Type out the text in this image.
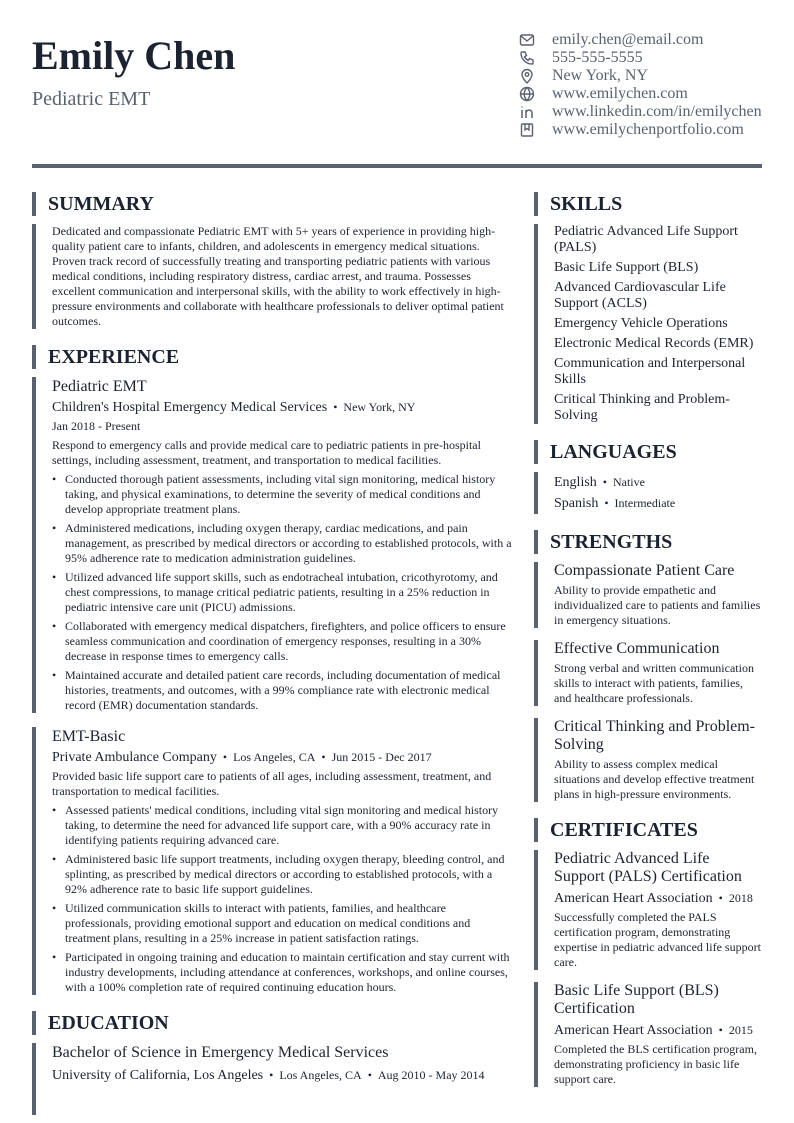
Emily Chen
Pediatric EMT
emily.chen@email.com
555-555-5555
New York, NY
www.emilychen.com
www.linkedin.com/in/emilychen
www.emilychenportfolio.com
SUMMARY
Dedicated and compassionate Pediatric EMT with 5+ years of experience in providing high-quality patient care to infants, children, and adolescents in emergency medical situations. Proven track record of successfully treating and transporting pediatric patients with various medical conditions, including respiratory distress, cardiac arrest, and trauma. Possesses excellent communication and interpersonal skills, with the ability to work effectively in high-pressure environments and collaborate with healthcare professionals to deliver optimal patient outcomes.
EXPERIENCE
Pediatric EMT
Children's Hospital Emergency Medical Services • New York, NY
Jan 2018 - Present
Respond to emergency calls and provide medical care to pediatric patients in pre-hospital settings, including assessment, treatment, and transportation to medical facilities.
• Conducted thorough patient assessments, including vital sign monitoring, medical history taking, and physical examinations, to determine the severity of medical conditions and develop appropriate treatment plans.
• Administered medications, including oxygen therapy, cardiac medications, and pain management, as prescribed by medical directors or according to established protocols, with a 95% adherence rate to medication administration guidelines.
• Utilized advanced life support skills, such as endotracheal intubation, cricothyrotomy, and chest compressions, to manage critical pediatric patients, resulting in a 25% reduction in pediatric intensive care unit (PICU) admissions.
• Collaborated with emergency medical dispatchers, firefighters, and police officers to ensure seamless communication and coordination of emergency responses, resulting in a 30% decrease in response times to emergency calls.
• Maintained accurate and detailed patient care records, including documentation of medical histories, treatments, and outcomes, with a 99% compliance rate with electronic medical record (EMR) documentation standards.
EMT-Basic
Private Ambulance Company • Los Angeles, CA • Jun 2015 - Dec 2017
Provided basic life support care to patients of all ages, including assessment, treatment, and transportation to medical facilities.
• Assessed patients' medical conditions, including vital sign monitoring and medical history taking, to determine the need for advanced life support care, with a 90% accuracy rate in identifying patients requiring advanced care.
• Administered basic life support treatments, including oxygen therapy, bleeding control, and splinting, as prescribed by medical directors or according to established protocols, with a 92% adherence rate to basic life support guidelines.
• Utilized communication skills to interact with patients, families, and healthcare professionals, providing emotional support and education on medical conditions and treatment plans, resulting in a 25% increase in patient satisfaction ratings.
• Participated in ongoing training and education to maintain certification and stay current with industry developments, including attendance at conferences, workshops, and online courses, with a 100% completion rate of required continuing education hours.
EDUCATION
Bachelor of Science in Emergency Medical Services
University of California, Los Angeles • Los Angeles, CA • Aug 2010 - May 2014
SKILLS
Pediatric Advanced Life Support (PALS)
Basic Life Support (BLS)
Advanced Cardiovascular Life Support (ACLS)
Emergency Vehicle Operations
Electronic Medical Records (EMR)
Communication and Interpersonal Skills
Critical Thinking and Problem-Solving
LANGUAGES
English • Native
Spanish • Intermediate
STRENGTHS
Compassionate Patient Care
Ability to provide empathetic and individualized care to patients and families in emergency situations.
Effective Communication
Strong verbal and written communication skills to interact with patients, families, and healthcare professionals.
Critical Thinking and Problem-Solving
Ability to assess complex medical situations and develop effective treatment plans in high-pressure environments.
CERTIFICATES
Pediatric Advanced Life Support (PALS) Certification
American Heart Association • 2018
Successfully completed the PALS certification program, demonstrating expertise in pediatric advanced life support care.
Basic Life Support (BLS) Certification
American Heart Association • 2015
Completed the BLS certification program, demonstrating proficiency in basic life support care.
